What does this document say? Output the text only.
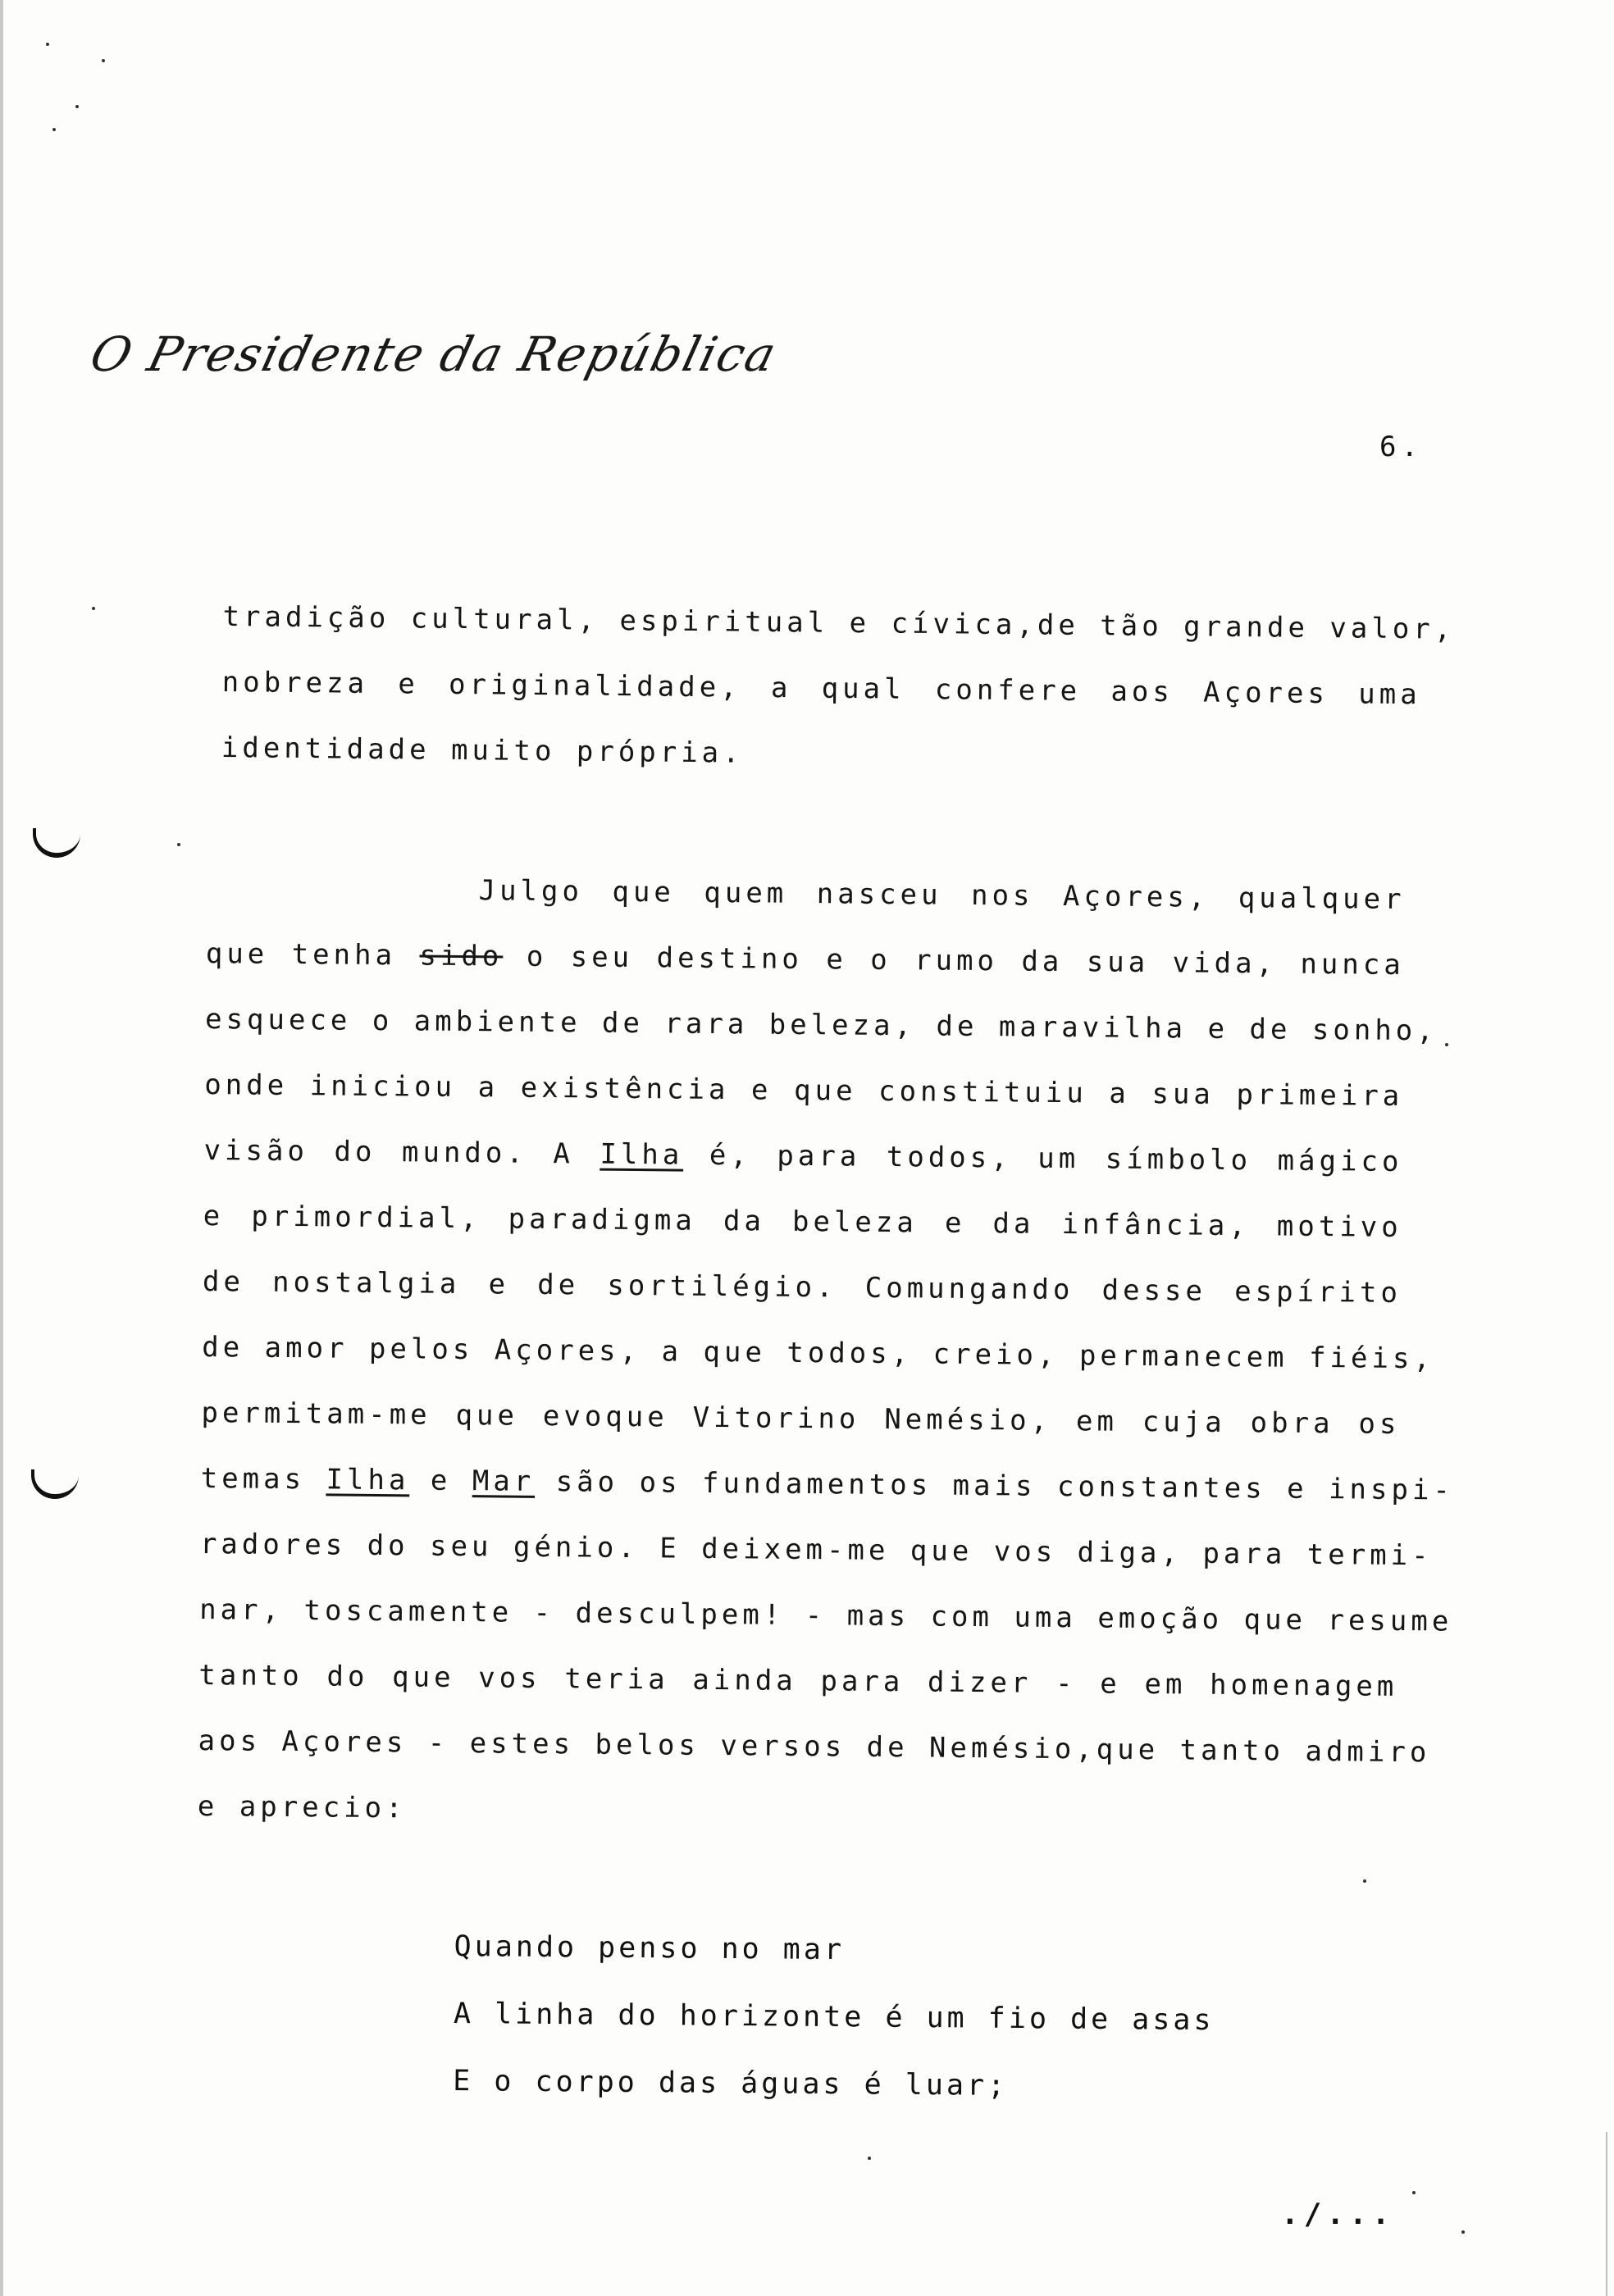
O Presidente da República
6.
tradição cultural, espiritual e cívica,de tão grande valor,
nobreza e originalidade, a qual confere aos Açores uma
identidade muito própria.
Julgo que quem nasceu nos Açores, qualquer
que tenha sido o seu destino e o rumo da sua vida, nunca
esquece o ambiente de rara beleza, de maravilha e de sonho,
onde iniciou a existência e que constituiu a sua primeira
visão do mundo. A Ilha é, para todos, um símbolo mágico
e primordial, paradigma da beleza e da infância, motivo
de nostalgia e de sortilégio. Comungando desse espírito
de amor pelos Açores, a que todos, creio, permanecem fiéis,
permitam-me que evoque Vitorino Nemésio, em cuja obra os
temas Ilha e Mar são os fundamentos mais constantes e inspi-
radores do seu génio. E deixem-me que vos diga, para termi-
nar, toscamente - desculpem! - mas com uma emoção que resume
tanto do que vos teria ainda para dizer - e em homenagem
aos Açores - estes belos versos de Nemésio,que tanto admiro
e aprecio:
Quando penso no mar
A linha do horizonte é um fio de asas
E o corpo das águas é luar;
./...
